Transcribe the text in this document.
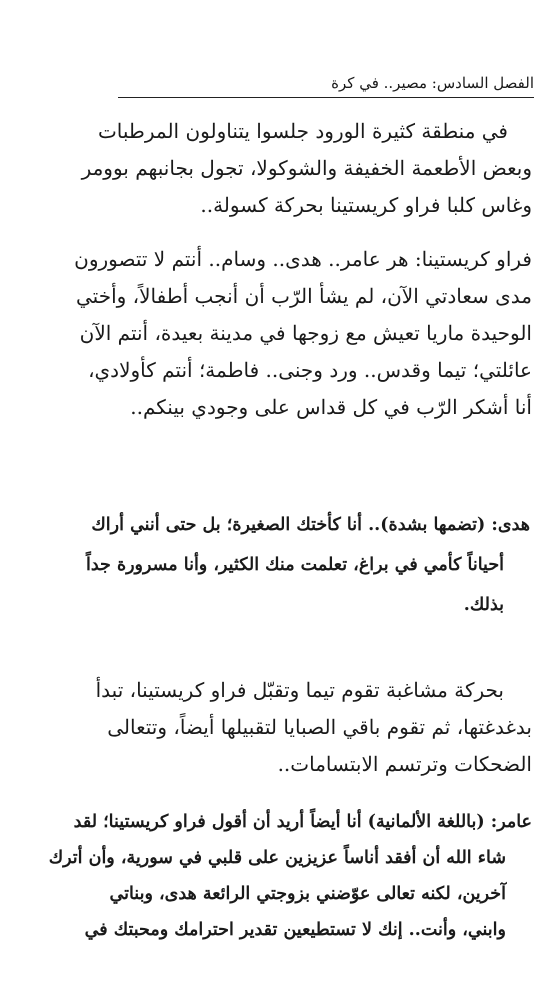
الفصل السادس: مصير.. في كرة
في منطقة كثيرة الورود جلسوا يتناولون المرطبات
وبعض الأطعمة الخفيفة والشوكولا، تجول بجانبهم بوومر
وغاس كلبا فراو كريستينا بحركة كسولة..
فراو كريستينا: هر عامر.. هدى.. وسام.. أنتم لا تتصورون
مدى سعادتي الآن، لم يشأ الرّب أن أنجب أطفالاً، وأختي
الوحيدة ماريا تعيش مع زوجها في مدينة بعيدة، أنتم الآن
عائلتي؛ تيما وقدس.. ورد وجنى.. فاطمة؛ أنتم كأولادي،
أنا أشكر الرّب في كل قداس على وجودي بينكم..
هدى: (تضمها بشدة).. أنا كأختك الصغيرة؛ بل حتى أنني أراك
أحياناً كأمي في براغ، تعلمت منك الكثير، وأنا مسرورة جداً
بذلك.
بحركة مشاغبة تقوم تيما وتقبّل فراو كريستينا، تبدأ
بدغدغتها، ثم تقوم باقي الصبايا لتقبيلها أيضاً، وتتعالى
الضحكات وترتسم الابتسامات..
عامر: (باللغة الألمانية) أنا أيضاً أريد أن أقول فراو كريستينا؛ لقد
شاء الله أن أفقد أناساً عزيزين على قلبي في سورية، وأن أترك
آخرين، لكنه تعالى عوّضني بزوجتي الرائعة هدى، وبناتي
وابني، وأنت.. إنك لا تستطيعين تقدير احترامك ومحبتك في
